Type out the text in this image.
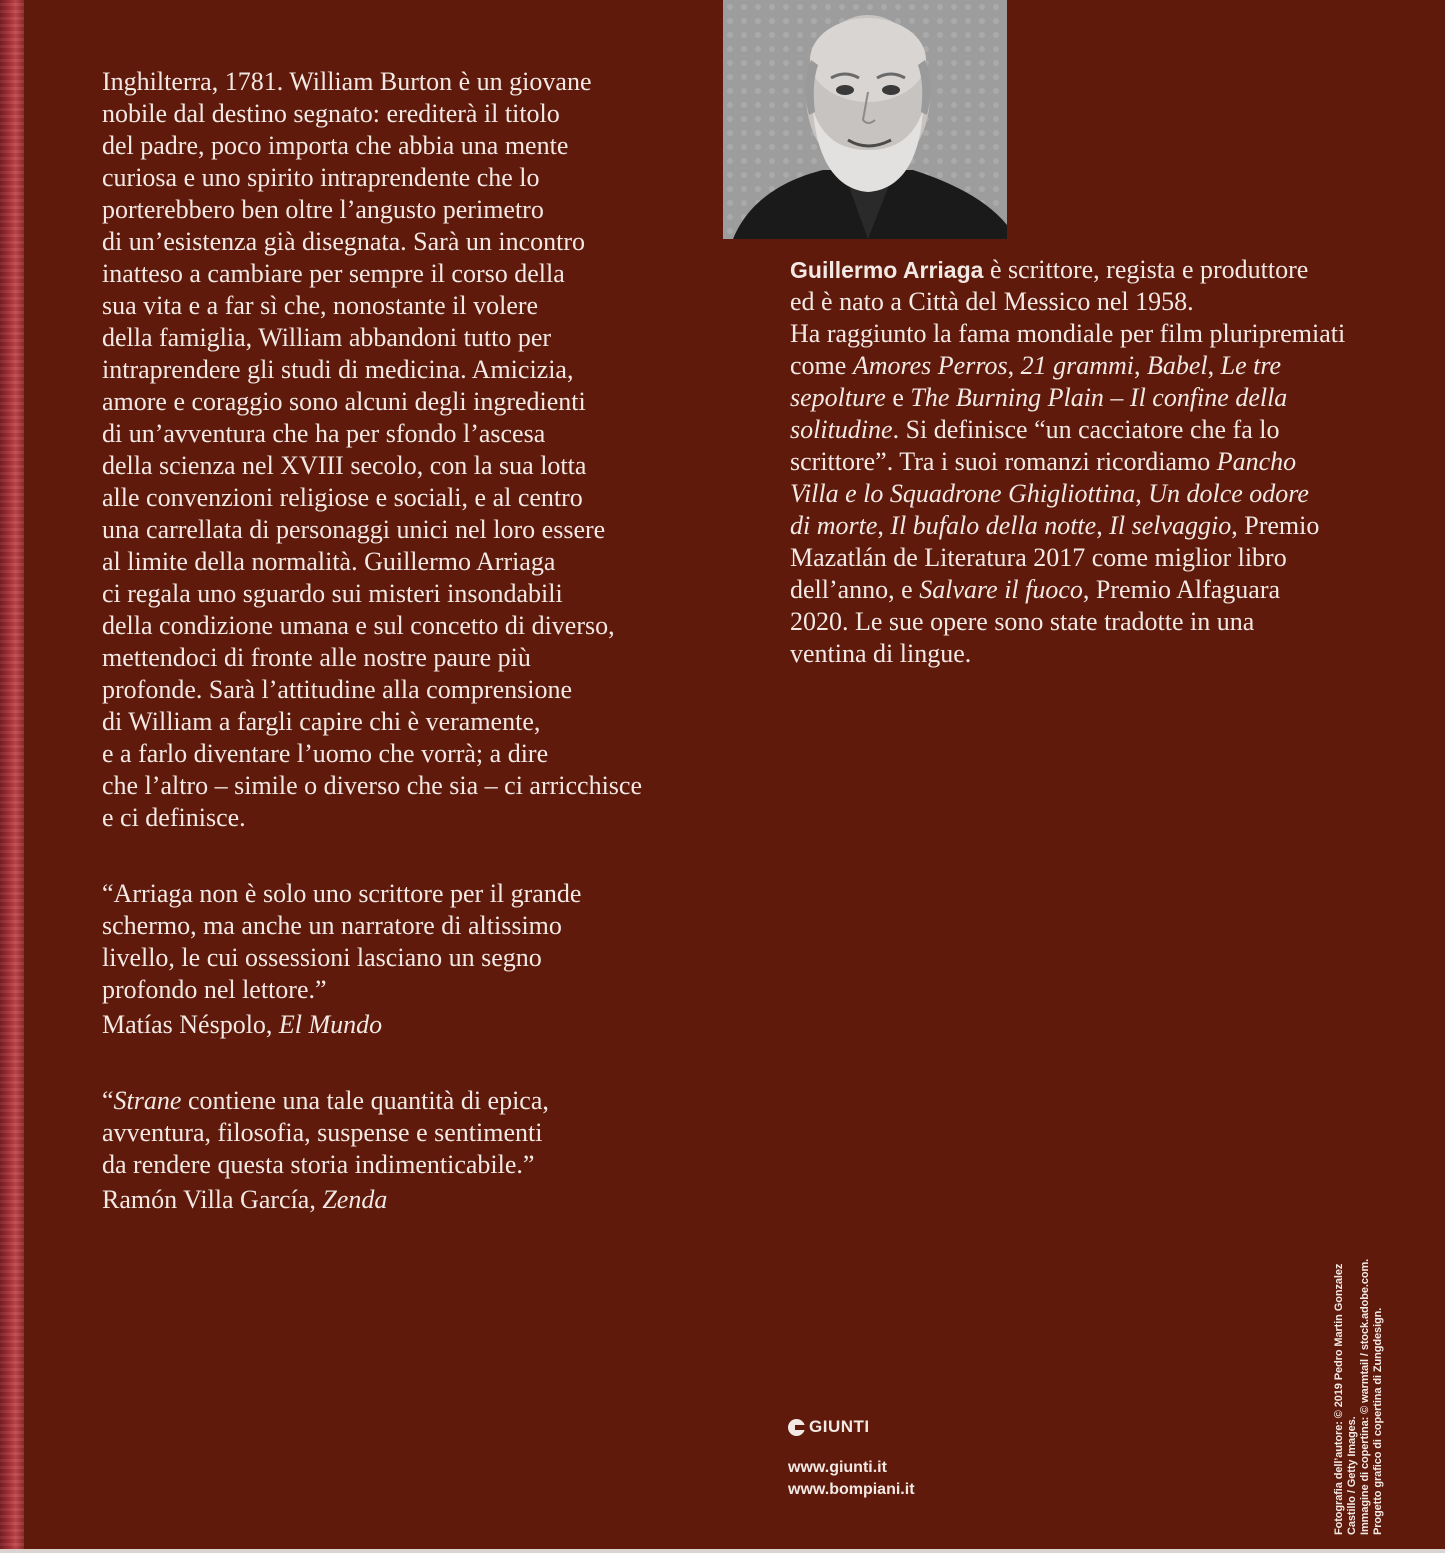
Inghilterra, 1781. William Burton è un giovane
nobile dal destino segnato: erediterà il titolo
del padre, poco importa che abbia una mente
curiosa e uno spirito intraprendente che lo
porterebbero ben oltre l’angusto perimetro
di un’esistenza già disegnata. Sarà un incontro
inatteso a cambiare per sempre il corso della
sua vita e a far sì che, nonostante il volere
della famiglia, William abbandoni tutto per
intraprendere gli studi di medicina. Amicizia,
amore e coraggio sono alcuni degli ingredienti
di un’avventura che ha per sfondo l’ascesa
della scienza nel XVIII secolo, con la sua lotta
alle convenzioni religiose e sociali, e al centro
una carrellata di personaggi unici nel loro essere
al limite della normalità. Guillermo Arriaga
ci regala uno sguardo sui misteri insondabili
della condizione umana e sul concetto di diverso,
mettendoci di fronte alle nostre paure più
profonde. Sarà l’attitudine alla comprensione
di William a fargli capire chi è veramente,
e a farlo diventare l’uomo che vorrà; a dire
che l’altro – simile o diverso che sia – ci arricchisce
e ci definisce.

“Arriaga non è solo uno scrittore per il grande
schermo, ma anche un narratore di altissimo
livello, le cui ossessioni lasciano un segno
profondo nel lettore.”
Matías Néspolo, El Mundo

“Strane contiene una tale quantità di epica,
avventura, filosofia, suspense e sentimenti
da rendere questa storia indimenticabile.”
Ramón Villa García, Zenda

Guillermo Arriaga è scrittore, regista e produttore
ed è nato a Città del Messico nel 1958.
Ha raggiunto la fama mondiale per film pluripremiati
come Amores Perros, 21 grammi, Babel, Le tre
sepolture e The Burning Plain – Il confine della
solitudine. Si definisce “un cacciatore che fa lo
scrittore”. Tra i suoi romanzi ricordiamo Pancho
Villa e lo Squadrone Ghigliottina, Un dolce odore
di morte, Il bufalo della notte, Il selvaggio, Premio
Mazatlán de Literatura 2017 come miglior libro
dell’anno, e Salvare il fuoco, Premio Alfaguara
2020. Le sue opere sono state tradotte in una
ventina di lingue.

GIUNTI
www.giunti.it
www.bompiani.it	Fotografia dell’autore: © 2019 Pedro Martin Gonzalez Castillo / Getty Images. Immagine di copertina: © warmtail / stock.adobe.com. Progetto grafico di copertina di Zungdesign.
